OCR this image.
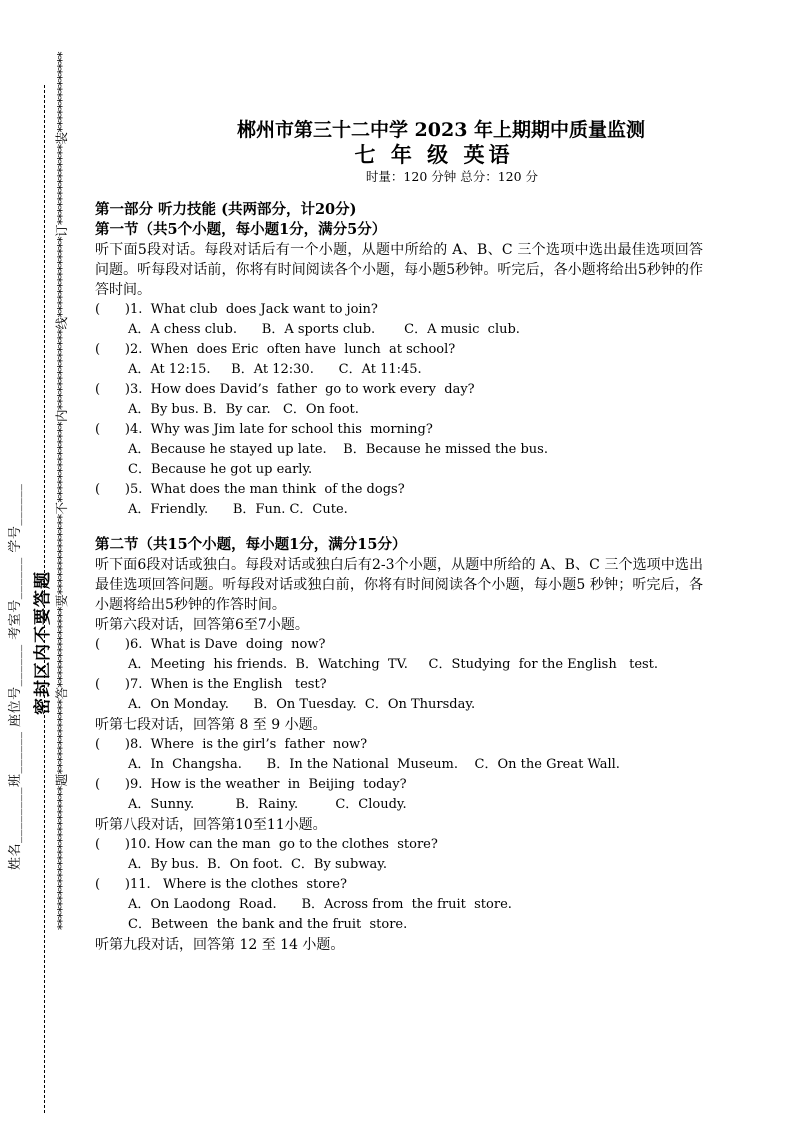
*************************题*************答**************要**************不**************内**************线**************订**************装**************
姓名________班______ 座位号______ 考室号______ 学号______ 密封区内不要答题
郴州市第三十二中学 2023 年上期期中质量监测
七 年 级 英语
时量：120 分钟 总分：120 分
第一部分 听力技能 (共两部分，计20分)
第一节（共5个小题，每小题1分，满分5分）
听下面5段对话。每段对话后有一个小题，从题中所给的 A、B、C 三个选项中选出最佳选项回答问题。听每段对话前，你将有时间阅读各个小题，每小题5秒钟。听完后，各小题将给出5秒钟的作答时间。
(      )1.  What club  does Jack want to join?
A．A chess club.      B．A sports club.       C．A music  club.
(      )2.  When  does Eric  often have  lunch  at school?
A．At 12:15.     B．At 12:30.      C．At 11:45.
(      )3.  How does David’s  father  go to work every  day?
A．By bus. B．By car.   C．On foot.
(      )4.  Why was Jim late for school this  morning?
A．Because he stayed up late.    B．Because he missed the bus.
C．Because he got up early.
(      )5.  What does the man think  of the dogs?
A．Friendly.      B．Fun. C．Cute.
第二节（共15个小题，每小题1分，满分15分）
听下面6段对话或独白。每段对话或独白后有2-3个小题，从题中所给的 A、B、C 三个选项中选出最佳选项回答问题。听每段对话或独白前，你将有时间阅读各个小题，每小题5 秒钟；听完后，各小题将给出5秒钟的作答时间。
听第六段对话，回答第6至7小题。
(      )6.  What is Dave  doing  now?
A．Meeting  his friends.  B．Watching  TV.     C．Studying  for the English   test.
(      )7.  When is the English   test?
A．On Monday.      B．On Tuesday.  C．On Thursday.
听第七段对话，回答第 8 至 9 小题。
(      )8.  Where  is the girl’s  father  now?
A．In  Changsha.      B．In the National  Museum.    C．On the Great Wall.
(      )9.  How is the weather  in  Beijing  today?
A．Sunny.          B．Rainy.         C．Cloudy.
听第八段对话，回答第10至11小题。
(      )10. How can the man  go to the clothes  store?
A．By bus.  B．On foot.  C．By subway.
(      )11.   Where is the clothes  store?
A．On Laodong  Road.      B．Across from  the fruit  store.
C．Between  the bank and the fruit  store.
听第九段对话，回答第 12 至 14 小题。
